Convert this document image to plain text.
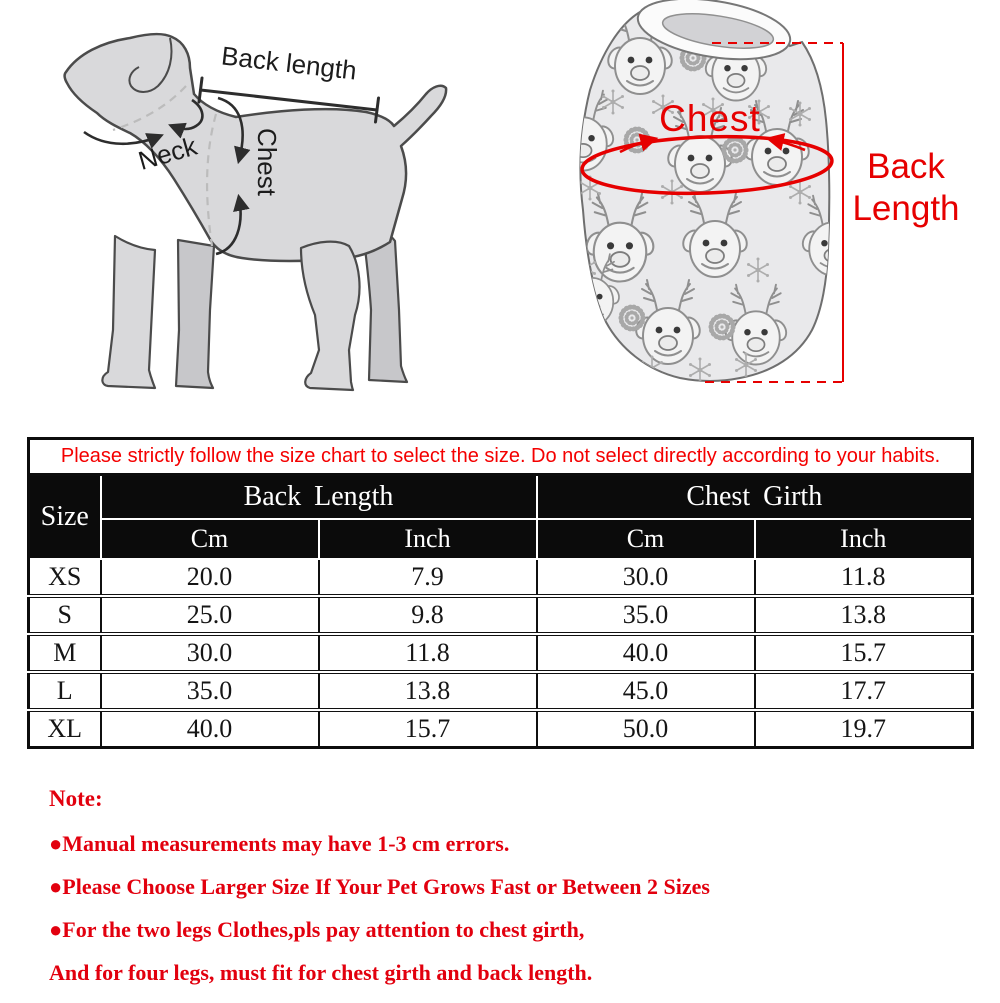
Back length
Neck Chest
Chest
Back
Length
Please strictly follow the size chart to select the size. Do not select directly according to your habits.				
Size	Back Length		Chest Girth	
	Cm	Inch	Cm	Inch
XS	20.0	7.9	30.0	11.8
S	25.0	9.8	35.0	13.8
M	30.0	11.8	40.0	15.7
L	35.0	13.8	45.0	17.7
XL	40.0	15.7	50.0	19.7
Note:
●Manual measurements may have 1-3 cm errors.
●Please Choose Larger Size If Your Pet Grows Fast or Between 2 Sizes
●For the two legs Clothes,pls pay attention to chest girth,
And for four legs, must fit for chest girth and back length.
